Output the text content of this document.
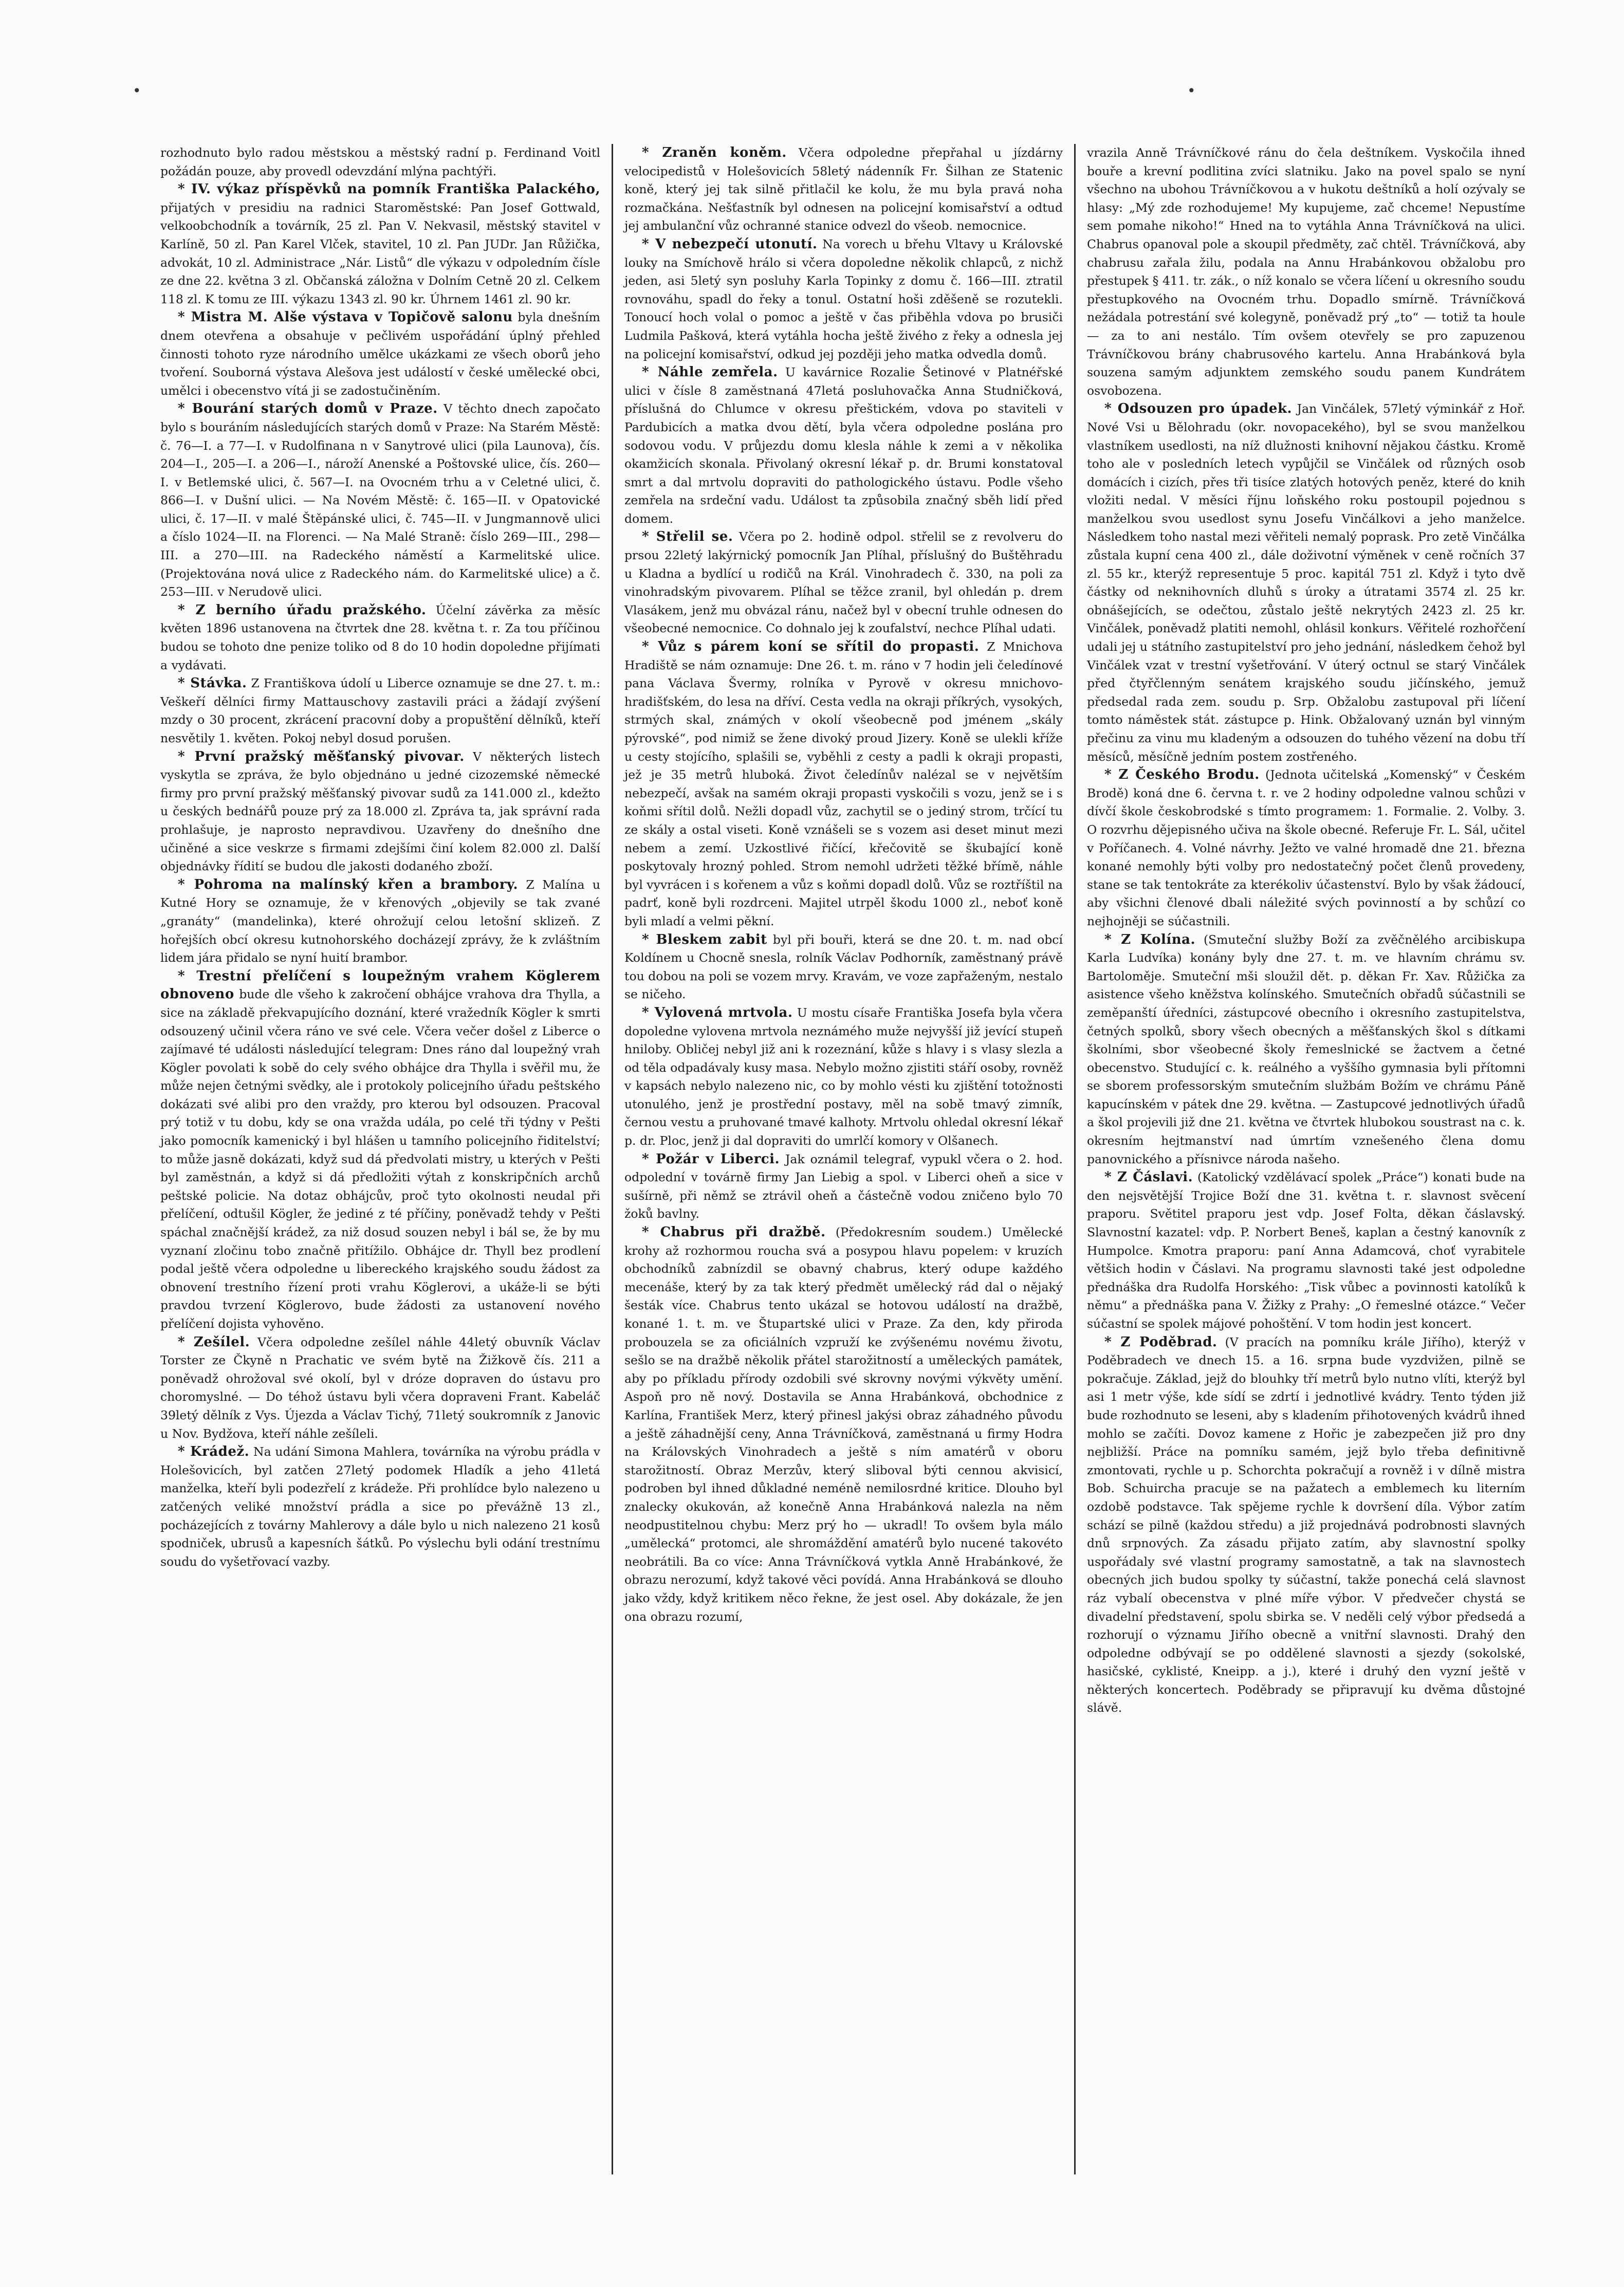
•	•

rozhodnuto bylo radou městskou a městský radní p. Ferdinand Voitl požádán pouze, aby provedl odevzdání mlýna pachtýři.

* IV. výkaz příspěvků na pomník Františka Palackého, přijatých v presidiu na radnici Staroměstské: Pan Josef Gottwald, velkoobchodník a továrník, 25 zl. Pan V. Nekvasil, městský stavitel v Karlíně, 50 zl. Pan Karel Vlček, stavitel, 10 zl. Pan JUDr. Jan Růžička, advokát, 10 zl. Administrace „Nár. Listů“ dle výkazu v odpoledním čísle ze dne 22. května 3 zl. Občanská záložna v Dolním Cetně 20 zl. Celkem 118 zl. K tomu ze III. výkazu 1343 zl. 90 kr. Úhrnem 1461 zl. 90 kr.

* Mistra M. Alše výstava v Topičově salonu byla dnešním dnem otevřena a obsahuje v pečlivém uspořádání úplný přehled činnosti tohoto ryze národního umělce ukázkami ze všech oborů jeho tvoření. Souborná výstava Alešova jest událostí v české umělecké obci, umělci i obecenstvo vítá ji se zadostučiněním.

* Bourání starých domů v Praze. V těchto dnech započato bylo s bouráním následujících starých domů v Praze: Na Starém Městě: č. 76—I. a 77—I. v Rudolfinana n v Sanytrové ulici (pila Launova), čís. 204—I., 205—I. a 206—I., nároží Anenské a Poštovské ulice, čís. 260—I. v Betlemské ulici, č. 567—I. na Ovocném trhu a v Celetné ulici, č. 866—I. v Dušní ulici. — Na Novém Městě: č. 165—II. v Opatovické ulici, č. 17—II. v malé Štěpánské ulici, č. 745—II. v Jungmannově ulici a číslo 1024—II. na Florenci. — Na Malé Straně: číslo 269—III., 298—III. a 270—III. na Radeckého náměstí a Karmelitské ulice. (Projektována nová ulice z Radeckého nám. do Karmelitské ulice) a č. 253—III. v Nerudově ulici.

* Z berního úřadu pražského. Účelní závěrka za měsíc květen 1896 ustanovena na čtvrtek dne 28. května t. r. Za tou příčinou budou se tohoto dne penize toliko od 8 do 10 hodin dopoledne přijímati a vydávati.

* Stávka. Z Františkova údolí u Liberce oznamuje se dne 27. t. m.: Veškeří dělníci firmy Mattauschovy zastavili práci a žádají zvýšení mzdy o 30 procent, zkrácení pracovní doby a propuštění dělníků, kteří nesvětily 1. květen. Pokoj nebyl dosud porušen.

* První pražský měšťanský pivovar. V některých listech vyskytla se zpráva, že bylo objednáno u jedné cizozemské německé firmy pro první pražský měšťanský pivovar sudů za 141.000 zl., kdežto u českých bednářů pouze prý za 18.000 zl. Zpráva ta, jak správní rada prohlašuje, je naprosto nepravdivou. Uzavřeny do dnešního dne učiněné a sice veskrze s firmami zdejšími činí kolem 82.000 zl. Další objednávky řídití se budou dle jakosti dodaného zboží.

* Pohroma na malínský křen a brambory. Z Malína u Kutné Hory se oznamuje, že v křenových „objevily se tak zvané „granáty“ (mandelinka), které ohrožují celou letošní sklizeň. Z hořejších obcí okresu kutnohorského docházejí zprávy, že k zvláštním lidem jára přidalo se nyní huití brambor.

* Trestní přelíčení s loupežným vrahem Köglerem obnoveno bude dle všeho k zakročení obhájce vrahova dra Thylla, a sice na základě překvapujícího doznání, které vražedník Kögler k smrti odsouzený učinil včera ráno ve své cele. Včera večer došel z Liberce o zajímavé té události následující telegram: Dnes ráno dal loupežný vrah Kögler povolati k sobě do cely svého obhájce dra Thylla i svěřil mu, že může nejen četnými svědky, ale i protokoly policejního úřadu peštského dokázati své alibi pro den vraždy, pro kterou byl odsouzen. Pracoval prý totiž v tu dobu, kdy se ona vražda udála, po celé tři týdny v Pešti jako pomocník kamenický i byl hlášen u tamního policejního řiditelství; to může jasně dokázati, když sud dá předvolati mistry, u kterých v Pešti byl zaměstnán, a když si dá předložiti výtah z konskripčních archů peštské policie. Na dotaz obhájcův, proč tyto okolnosti neudal při přelíčení, odtušil Kögler, že jediné z té příčiny, poněvadž tehdy v Pešti spáchal značnější krádež, za niž dosud souzen nebyl i bál se, že by mu vyznaní zločinu tobo značně přitížilo. Obhájce dr. Thyll bez prodlení podal ještě včera odpoledne u libereckého krajského soudu žádost za obnovení trestního řízení proti vrahu Köglerovi, a ukáže-li se býti pravdou tvrzení Köglerovo, bude žádosti za ustanovení nového přelíčení dojista vyhověno.

* Zešílel. Včera odpoledne zešílel náhle 44letý obuvník Václav Torster ze Čkyně n Prachatic ve svém bytě na Žižkově čís. 211 a poněvadž ohrožoval své okolí, byl v dróze dopraven do ústavu pro choromyslné. — Do téhož ústavu byli včera dopraveni Frant. Kabeláč 39letý dělník z Vys. Újezda a Václav Tichý, 71letý soukromník z Janovic u Nov. Bydžova, kteří náhle zešíleli.

* Krádež. Na udání Simona Mahlera, továrníka na výrobu prádla v Holešovicích, byl zatčen 27letý podomek Hladík a jeho 41letá manželka, kteří byli podezřelí z krádeže. Při prohlídce bylo nalezeno u zatčených veliké množství prádla a sice po převážně 13 zl., pocházejících z továrny Mahlerovy a dále bylo u nich nalezeno 21 kosů spodniček, ubrusů a kapesních šátků. Po výslechu byli odání trestnímu soudu do vyšetřovací vazby.

* Zraněn koněm. Včera odpoledne přepřahal u jízdárny velocipedistů v Holešovicích 58letý nádenník Fr. Šilhan ze Statenic koně, který jej tak silně přitlačil ke kolu, že mu byla pravá noha rozmačkána. Nešťastník byl odnesen na policejní komisařství a odtud jej ambulanční vůz ochranné stanice odvezl do všeob. nemocnice.

* V nebezpečí utonutí. Na vorech u břehu Vltavy u Královské louky na Smíchově hrálo si včera dopoledne několik chlapců, z nichž jeden, asi 5letý syn posluhy Karla Topinky z domu č. 166—III. ztratil rovnováhu, spadl do řeky a tonul. Ostatní hoši zděšeně se rozutekli. Tonoucí hoch volal o pomoc a ještě v čas přiběhla vdova po brusiči Ludmila Pašková, která vytáhla hocha ještě živého z řeky a odnesla jej na policejní komisařství, odkud jej později jeho matka odvedla domů.

* Náhle zemřela. U kavárnice Rozalie Šetinové v Platnéřské ulici v čísle 8 zaměstnaná 47letá posluhovačka Anna Studničková, příslušná do Chlumce v okresu přeštickém, vdova po staviteli v Pardubicích a matka dvou dětí, byla včera odpoledne poslána pro sodovou vodu. V průjezdu domu klesla náhle k zemi a v několika okamžicích skonala. Přivolaný okresní lékař p. dr. Brumi konstatoval smrt a dal mrtvolu dopraviti do pathologického ústavu. Podle všeho zemřela na srdeční vadu. Událost ta způsobila značný sběh lidí před domem.

* Střelil se. Včera po 2. hodině odpol. střelil se z revolveru do prsou 22letý lakýrnický pomocník Jan Plíhal, příslušný do Buštěhradu u Kladna a bydlící u rodičů na Král. Vinohradech č. 330, na poli za vinohradským pivovarem. Plíhal se těžce zranil, byl ohledán p. drem Vlasákem, jenž mu obvázal ránu, načež byl v obecní truhle odnesen do všeobecné nemocnice. Co dohnalo jej k zoufalství, nechce Plíhal udati.

* Vůz s párem koní se sřítil do propasti. Z Mnichova Hradiště se nám oznamuje: Dne 26. t. m. ráno v 7 hodin jeli čeledínové pana Václava Švermy, rolníka v Pyrově v okresu mnichovo-hradišťském, do lesa na dříví. Cesta vedla na okraji příkrých, vysokých, strmých skal, známých v okolí všeobecně pod jménem „skály pýrovské“, pod nimiž se žene divoký proud Jizery. Koně se ulekli kříže u cesty stojícího, splašili se, vyběhli z cesty a padli k okraji propasti, jež je 35 metrů hluboká. Život čeledínův nalézal se v největším nebezpečí, avšak na samém okraji propasti vyskočili s vozu, jenž se i s koňmi sřítil dolů. Nežli dopadl vůz, zachytil se o jediný strom, trčící tu ze skály a ostal viseti. Koně vznášeli se s vozem asi deset minut mezi nebem a zemí. Uzkostlivé řičící, křečovitě se škubající koně poskytovaly hrozný pohled. Strom nemohl udržeti těžké břímě, náhle byl vyvrácen i s kořenem a vůz s koňmi dopadl dolů. Vůz se roztříštil na padrť, koně byli rozdrceni. Majitel utrpěl škodu 1000 zl., neboť koně byli mladí a velmi pěkní.

* Bleskem zabit byl při bouři, která se dne 20. t. m. nad obcí Koldínem u Chocně snesla, rolník Václav Podhorník, zaměstnaný právě tou dobou na poli se vozem mrvy. Kravám, ve voze zapřaženým, nestalo se ničeho.

* Vylovená mrtvola. U mostu císaře Františka Josefa byla včera dopoledne vylovena mrtvola neznámého muže nejvyšší již jevící stupeň hniloby. Obličej nebyl již ani k rozeznání, kůže s hlavy i s vlasy slezla a od těla odpadávaly kusy masa. Nebylo možno zjistiti stáří osoby, rovněž v kapsách nebylo nalezeno nic, co by mohlo vésti ku zjištění totožnosti utonulého, jenž je prostřední postavy, měl na sobě tmavý zimník, černou vestu a pruhované tmavé kalhoty. Mrtvolu ohledal okresní lékař p. dr. Ploc, jenž ji dal dopraviti do umrlčí komory v Olšanech.

* Požár v Liberci. Jak oznámil telegraf, vypukl včera o 2. hod. odpolední v továrně firmy Jan Liebig a spol. v Liberci oheň a sice v sušírně, při němž se ztrávil oheň a částečně vodou zničeno bylo 70 žoků bavlny.

* Chabrus při dražbě. (Předokresním soudem.) Umělecké krohy až rozhormou roucha svá a posypou hlavu popelem: v kruzích obchodníků zabnízdil se obavný chabrus, který odupe každého mecenáše, který by za tak který předmět umělecký rád dal o nějaký šesták více. Chabrus tento ukázal se hotovou událostí na dražbě, konané 1. t. m. ve Štupartské ulici v Praze. Za den, kdy přiroda probouzela se za oficiálních vzpruží ke zvýšenému novému životu, sešlo se na dražbě několik přátel starožitností a uměleckých památek, aby po příkladu přírody ozdobili své skrovny novými výkvěty umění. Aspoň pro ně nový. Dostavila se Anna Hrabánková, obchodnice z Karlína, František Merz, který přinesl jakýsi obraz záhadného původu a ještě záhadnější ceny, Anna Trávníčková, zaměstnaná u firmy Hodra na Královských Vinohradech a ještě s ním amatérů v oboru starožitností. Obraz Merzův, který sliboval býti cennou akvisicí, podroben byl ihned důkladné neméně nemilosrdné kritice. Dlouho byl znalecky okukován, až konečně Anna Hrabánková nalezla na něm neodpustitelnou chybu: Merz prý ho — ukradl! To ovšem byla málo „umělecká“ protomci, ale shromáždění amatérů bylo nucené takovéto neobrátili. Ba co více: Anna Trávníčková vytkla Anně Hrabánkové, že obrazu nerozumí, když takové věci povídá. Anna Hrabánková se dlouho jako vždy, když kritikem něco řekne, že jest osel. Aby dokázale, že jen ona obrazu rozumí,

vrazila Anně Trávníčkové ránu do čela deštníkem. Vyskočila ihned bouře a krevní podlitina zvíci slatniku. Jako na povel spalo se nyní všechno na ubohou Trávníčkovou a v hukotu deštníků a holí ozývaly se hlasy: „Mý zde rozhodujeme! My kupujeme, zač chceme! Nepustíme sem pomahe nikoho!“ Hned na to vytáhla Anna Trávníčková na ulici. Chabrus opanoval pole a skoupil předměty, zač chtěl. Trávníčková, aby chabrusu zařala žilu, podala na Annu Hrabánkovou obžalobu pro přestupek § 411. tr. zák., o níž konalo se včera líčení u okresního soudu přestupkového na Ovocném trhu. Dopadlo smírně. Trávníčková nežádala potrestání své kolegyně, poněvadž prý „to“ — totiž ta houle — za to ani nestálo. Tím ovšem otevřely se pro zapuzenou Trávníčkovou brány chabrusového kartelu. Anna Hrabánková byla souzena samým adjunktem zemského soudu panem Kundrátem osvobozena.

* Odsouzen pro úpadek. Jan Vinčálek, 57letý výminkář z Hoř. Nové Vsi u Bělohradu (okr. novopacekého), byl se svou manželkou vlastníkem usedlosti, na níž dlužnosti knihovní nějakou částku. Kromě toho ale v posledních letech vypůjčil se Vinčálek od různých osob domácích i cizích, přes tři tisíce zlatých hotových peněz, které do knih vložiti nedal. V měsíci říjnu loňského roku postoupil pojednou s manželkou svou usedlost synu Josefu Vinčálkovi a jeho manželce. Následkem toho nastal mezi věřiteli nemalý poprask. Pro zetě Vinčálka zůstala kupní cena 400 zl., dále doživotní výměnek v ceně ročních 37 zl. 55 kr., kterýž representuje 5 proc. kapitál 751 zl. Když i tyto dvě částky od neknihovních dluhů s úroky a útratami 3574 zl. 25 kr. obnášejících, se odečtou, zůstalo ještě nekrytých 2423 zl. 25 kr. Vinčálek, poněvadž platiti nemohl, ohlásil konkurs. Věřitelé rozhořčení udali jej u státního zastupitelství pro jeho jednání, následkem čehož byl Vinčálek vzat v trestní vyšetřování. V úterý octnul se starý Vinčálek před čtyřčlenným senátem krajského soudu jičínského, jemuž předsedal rada zem. soudu p. Srp. Obžalobu zastupoval při líčení tomto náměstek stát. zástupce p. Hink. Obžalovaný uznán byl vinným přečinu za vinu mu kladeným a odsouzen do tuhého vězení na dobu tří měsíců, měsíčně jedním postem zostřeného.

* Z Českého Brodu. (Jednota učitelská „Komenský“ v Českém Brodě) koná dne 6. června t. r. ve 2 hodiny odpoledne valnou schůzi v dívčí škole českobrodské s tímto programem: 1. Formalie. 2. Volby. 3. O rozvrhu dějepisného učiva na škole obecné. Referuje Fr. L. Sál, učitel v Poříčanech. 4. Volné návrhy. Ježto ve valné hromadě dne 21. března konané nemohly býti volby pro nedostatečný počet členů provedeny, stane se tak tentokráte za kterékoliv účastenství. Bylo by však žádoucí, aby všichni členové dbali náležité svých povinností a by schůzí co nejhojněji se súčastnili.

* Z Kolína. (Smuteční služby Boží za zvěčnělého arcibiskupa Karla Ludvíka) konány byly dne 27. t. m. ve hlavním chrámu sv. Bartoloměje. Smuteční mši sloužil dět. p. děkan Fr. Xav. Růžička za asistence všeho kněžstva kolínského. Smutečních obřadů súčastnili se zeměpanští úředníci, zástupcové obecního i okresního zastupitelstva, četných spolků, sbory všech obecných a měšťanských škol s dítkami školními, sbor všeobecné školy řemeslnické se žactvem a četné obecenstvo. Studující c. k. reálného a vyššího gymnasia byli přítomni se sborem professorským smutečním službám Božím ve chrámu Páně kapucínském v pátek dne 29. května. — Zastupcové jednotlivých úřadů a škol projevili již dne 21. května ve čtvrtek hlubokou soustrast na c. k. okresním hejtmanství nad úmrtím vznešeného člena domu panovnického a přísnivce národa našeho.

* Z Čáslavi. (Katolický vzdělávací spolek „Práce“) konati bude na den nejsvětější Trojice Boží dne 31. května t. r. slavnost svěcení praporu. Světitel praporu jest vdp. Josef Folta, děkan čáslavský. Slavnostní kazatel: vdp. P. Norbert Beneš, kaplan a čestný kanovník z Humpolce. Kmotra praporu: paní Anna Adamcová, choť vyrabitele většich hodin v Čáslavi. Na programu slavnosti také jest odpoledne přednáška dra Rudolfa Horského: „Tisk vůbec a povinnosti katolíků k němu“ a přednáška pana V. Žižky z Prahy: „O řemeslné otázce.“ Večer súčastní se spolek májové pohoštění. V tom hodin jest koncert.

* Z Poděbrad. (V pracích na pomníku krále Jiřího), kterýž v Poděbradech ve dnech 15. a 16. srpna bude vyzdvižen, pilně se pokračuje. Základ, jejž do blouhky tří metrů bylo nutno vlíti, kterýž byl asi 1 metr výše, kde sídí se zdrtí i jednotlivé kvádry. Tento týden již bude rozhodnuto se leseni, aby s kladením přihotovených kvádrů ihned mohlo se začíti. Dovoz kamene z Hořic je zabezpečen již pro dny nejbližší. Práce na pomníku samém, jejž bylo třeba definitivně zmontovati, rychle u p. Schorchta pokračují a rovněž i v dílně mistra Bob. Schuircha pracuje se na pažatech a emblemech ku literním ozdobě podstavce. Tak spějeme rychle k dovršení díla. Výbor zatím schází se pilně (každou středu) a již projednává podrobnosti slavných dnů srpnových. Za zásadu přijato zatím, aby slavnostní spolky uspořádaly své vlastní programy samostatně, a tak na slavnostech obecných jich budou spolky ty súčastní, takže ponechá celá slavnost ráz vybalí obecenstva v plné míře výbor. V předvečer chystá se divadelní představení, spolu sbirka se. V neděli celý výbor předsedá a rozhorují o významu Jiřího obecně a vnitřní slavnosti. Drahý den odpoledne odbývají se po oddělené slavnosti a sjezdy (sokolské, hasičské, cyklisté, Kneipp. a j.), které i druhý den vyzní ještě v některých koncertech. Poděbrady se připravují ku dvěma důstojné slávě.
